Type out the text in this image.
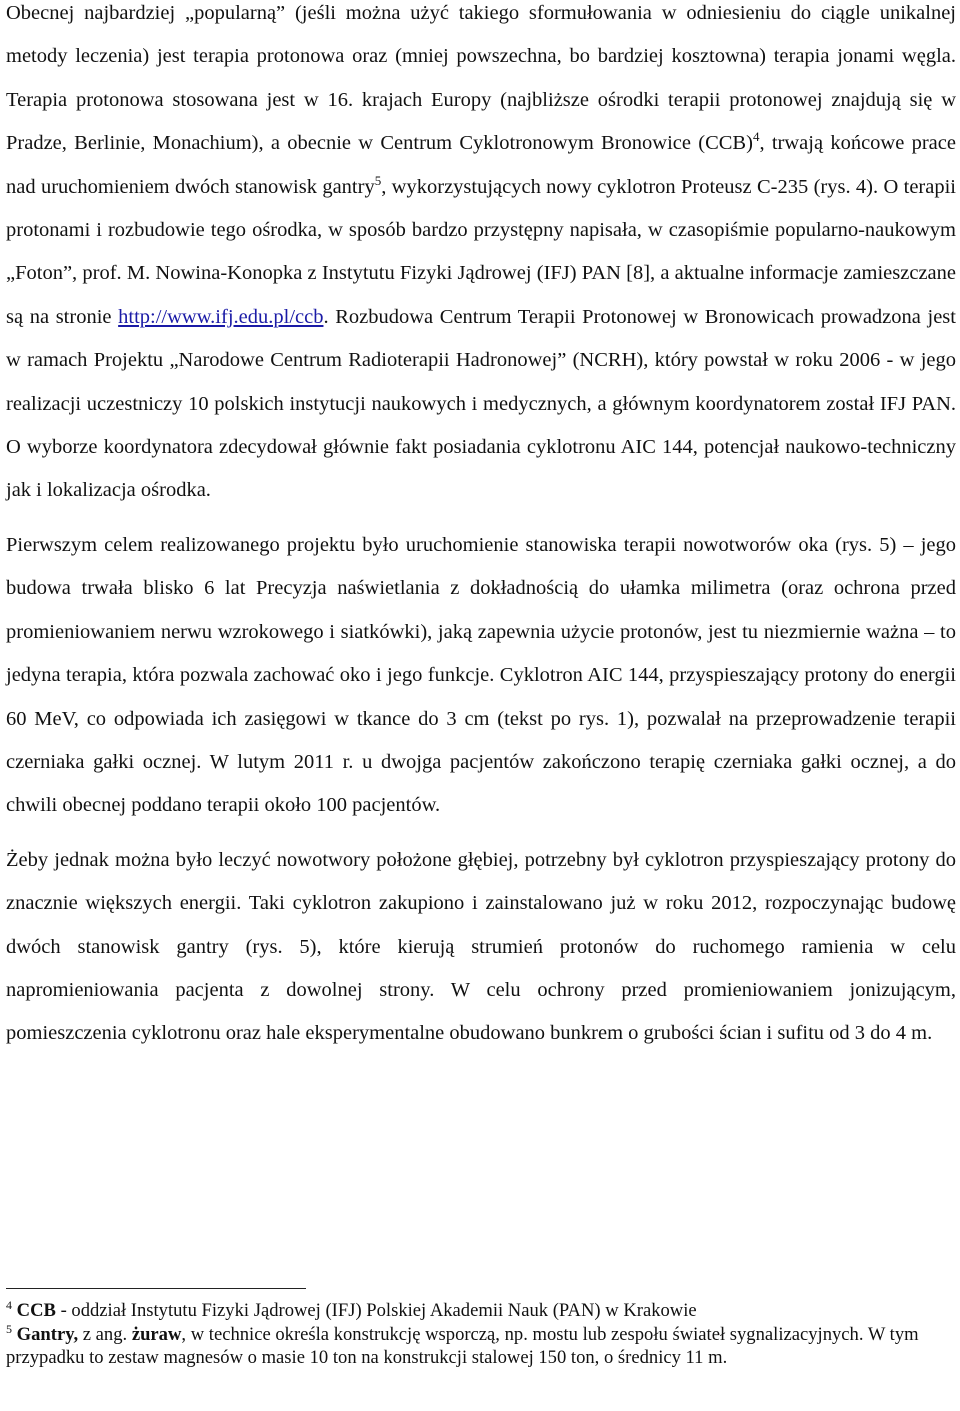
Obecnej najbardziej „popularną” (jeśli można użyć takiego sformułowania w odniesieniu do ciągle unikalnej metody leczenia) jest terapia protonowa oraz (mniej powszechna, bo bardziej kosztowna) terapia jonami węgla. Terapia protonowa stosowana jest w 16. krajach Europy (najbliższe ośrodki terapii protonowej znajdują się w Pradze, Berlinie, Monachium), a obecnie w Centrum Cyklotronowym Bronowice (CCB)$^4$, trwają końcowe prace nad uruchomieniem dwóch stanowisk gantry$^5$, wykorzystujących nowy cyklotron Proteusz C-235 (rys. 4). O terapii protonami i rozbudowie tego ośrodka, w sposób bardzo przystępny napisała, w czasopiśmie popularno-naukowym „Foton”, prof. M. Nowina-Konopka z Instytutu Fizyki Jądrowej (IFJ) PAN [8], a aktualne informacje zamieszczane są na stronie http://www.ifj.edu.pl/ccb. Rozbudowa Centrum Terapii Protonowej w Bronowicach prowadzona jest w ramach Projektu „Narodowe Centrum Radioterapii Hadronowej” (NCRH), który powstał w roku 2006 - w jego realizacji uczestniczy 10 polskich instytucji naukowych i medycznych, a głównym koordynatorem został IFJ PAN. O wyborze koordynatora zdecydował głównie fakt posiadania cyklotronu AIC 144, potencjał naukowo-techniczny jak i lokalizacja ośrodka.

Pierwszym celem realizowanego projektu było uruchomienie stanowiska terapii nowotworów oka (rys. 5) – jego budowa trwała blisko 6 lat Precyzja naświetlania z dokładnością do ułamka milimetra (oraz ochrona przed promieniowaniem nerwu wzrokowego i siatkówki), jaką zapewnia użycie protonów, jest tu niezmiernie ważna – to jedyna terapia, która pozwala zachować oko i jego funkcje. Cyklotron AIC 144, przyspieszający protony do energii 60 MeV, co odpowiada ich zasięgowi w tkance do 3 cm (tekst po rys. 1), pozwalał na przeprowadzenie terapii czerniaka gałki ocznej. W lutym 2011 r. u dwojga pacjentów zakończono terapię czerniaka gałki ocznej, a do chwili obecnej poddano terapii około 100 pacjentów.

Żeby jednak można było leczyć nowotwory położone głębiej, potrzebny był cyklotron przyspieszający protony do znacznie większych energii. Taki cyklotron zakupiono i zainstalowano już w roku 2012, rozpoczynając budowę dwóch stanowisk gantry (rys. 5), które kierują strumień protonów do ruchomego ramienia w celu napromieniowania pacjenta z dowolnej strony. W celu ochrony przed promieniowaniem jonizującym, pomieszczenia cyklotronu oraz hale eksperymentalne obudowano bunkrem o grubości ścian i sufitu od 3 do 4 m.

$^4$ CCB - oddział Instytutu Fizyki Jądrowej (IFJ) Polskiej Akademii Nauk (PAN) w Krakowie

$^5$ Gantry, z ang. żuraw, w technice określa konstrukcję wsporczą, np. mostu lub zespołu świateł sygnalizacyjnych. W tym przypadku to zestaw magnesów o masie 10 ton na konstrukcji stalowej 150 ton, o średnicy 11 m.
